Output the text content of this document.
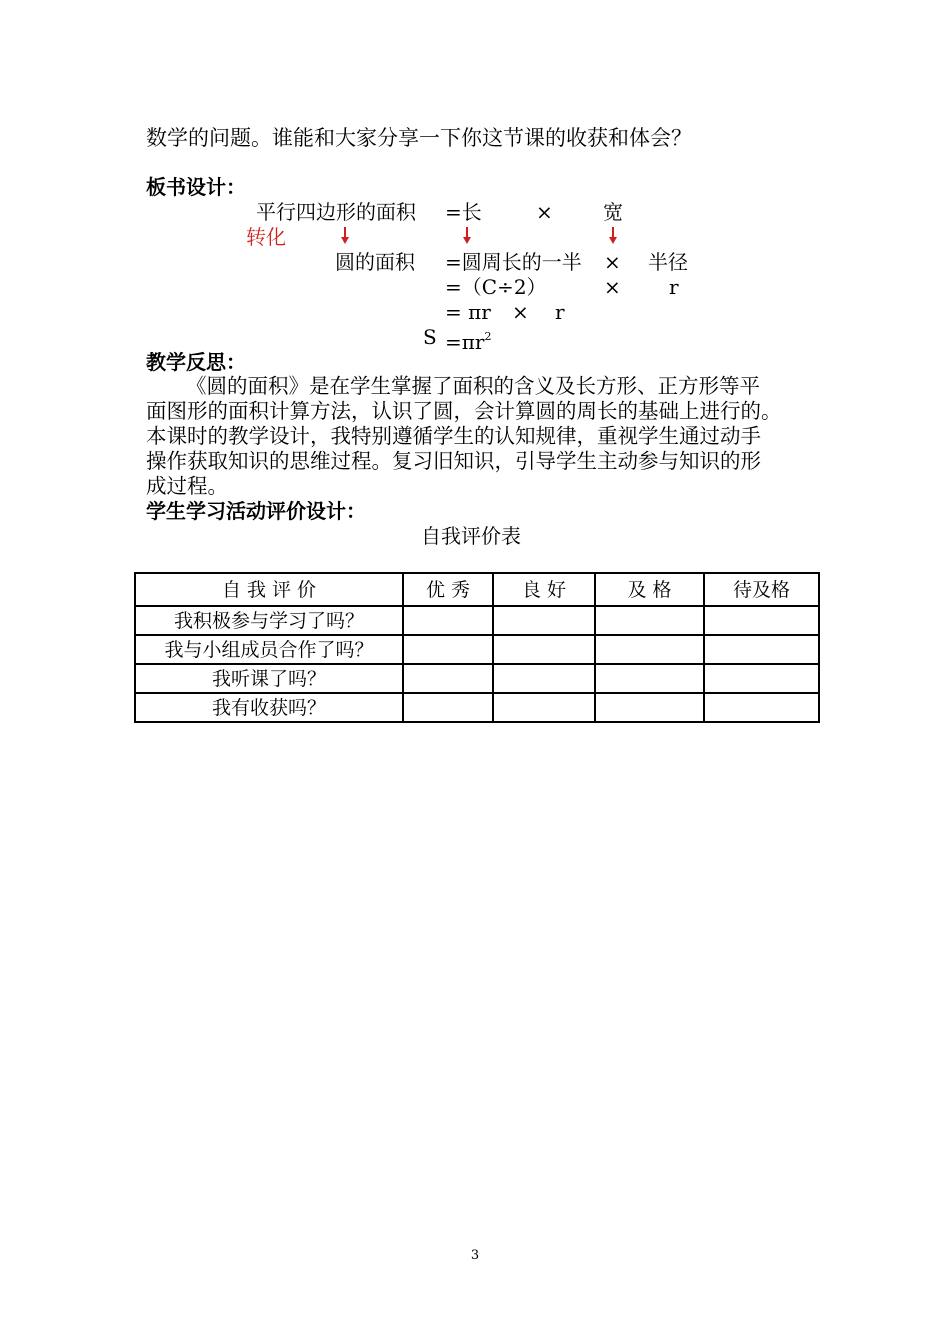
数学的问题。谁能和大家分享一下你这节课的收获和体会？
板书设计：
平行四边形的面积 =长	×	宽
转化
圆的面积 =圆周长的一半 × 半径
=（C÷2）	× r
= πr × r
$S =\pi r^2$
教学反思：
《圆的面积》是在学生掌握了面积的含义及长方形、正方形等平
面图形的面积计算方法，认识了圆，会计算圆的周长的基础上进行的。
本课时的教学设计，我特别遵循学生的认知规律，重视学生通过动手
操作获取知识的思维过程。复习旧知识，引导学生主动参与知识的形
成过程。
学生学习活动评价设计：
自我评价表
自 我 评 价	优 秀	良 好	及 格	待及格
我积极参与学习了吗？				
我与小组成员合作了吗？				
我听课了吗？				
我有收获吗？				
3
